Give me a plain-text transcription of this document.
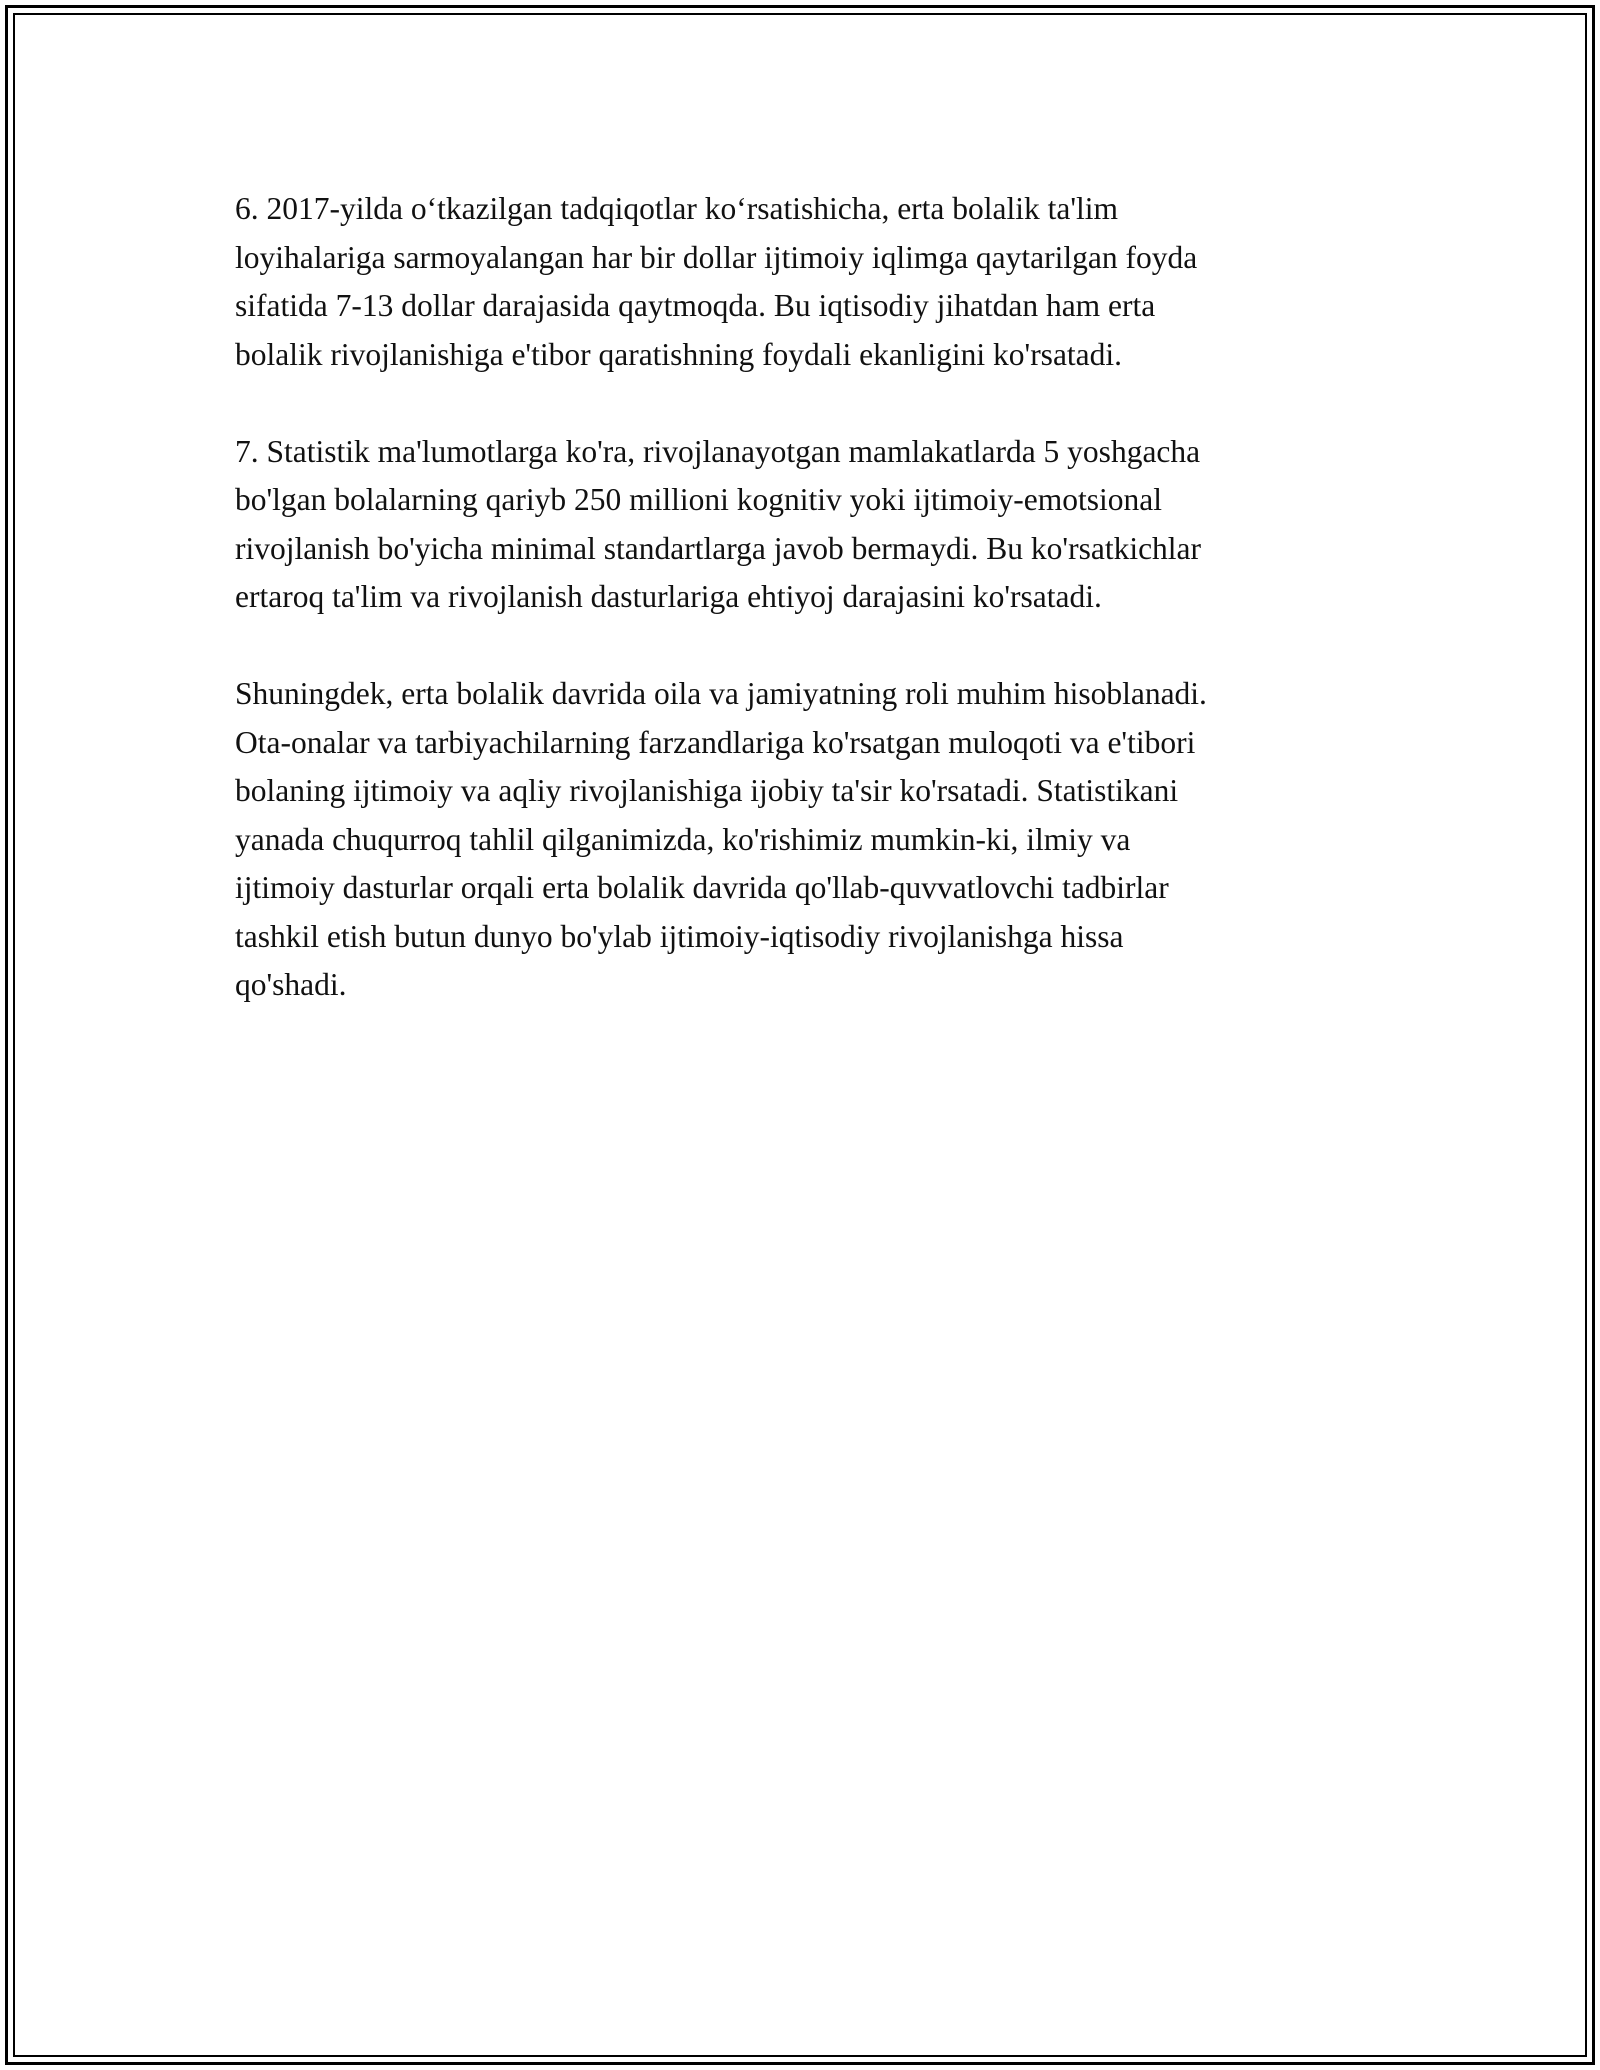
6. 2017-yilda o‘tkazilgan tadqiqotlar ko‘rsatishicha, erta bolalik ta'lim
loyihalariga sarmoyalangan har bir dollar ijtimoiy iqlimga qaytarilgan foyda
sifatida 7-13 dollar darajasida qaytmoqda. Bu iqtisodiy jihatdan ham erta
bolalik rivojlanishiga e'tibor qaratishning foydali ekanligini ko'rsatadi.

7. Statistik ma'lumotlarga ko'ra, rivojlanayotgan mamlakatlarda 5 yoshgacha
bo'lgan bolalarning qariyb 250 millioni kognitiv yoki ijtimoiy-emotsional
rivojlanish bo'yicha minimal standartlarga javob bermaydi. Bu ko'rsatkichlar
ertaroq ta'lim va rivojlanish dasturlariga ehtiyoj darajasini ko'rsatadi.

Shuningdek, erta bolalik davrida oila va jamiyatning roli muhim hisoblanadi.
Ota-onalar va tarbiyachilarning farzandlariga ko'rsatgan muloqoti va e'tibori
bolaning ijtimoiy va aqliy rivojlanishiga ijobiy ta'sir ko'rsatadi. Statistikani
yanada chuqurroq tahlil qilganimizda, ko'rishimiz mumkin-ki, ilmiy va
ijtimoiy dasturlar orqali erta bolalik davrida qo'llab-quvvatlovchi tadbirlar
tashkil etish butun dunyo bo'ylab ijtimoiy-iqtisodiy rivojlanishga hissa
qo'shadi.
